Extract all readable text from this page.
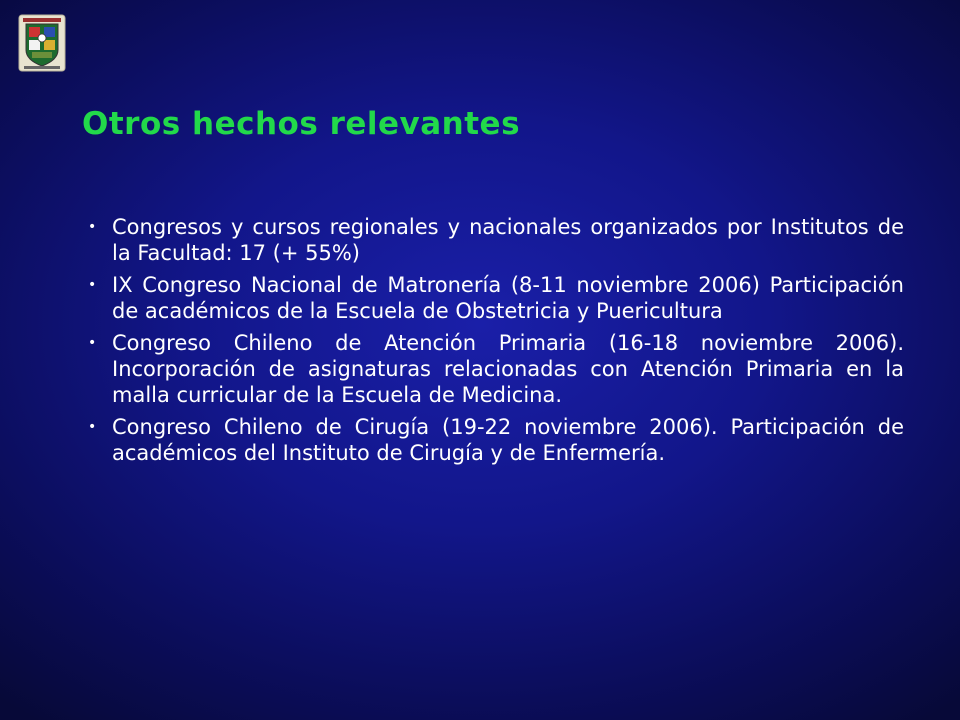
Otros hechos relevantes
• Congresos y cursos regionales y nacionales organizados por Institutos de la Facultad: 17 (+ 55%)
• IX Congreso Nacional de Matronería (8-11 noviembre 2006) Participación de académicos de la Escuela de Obstetricia y Puericultura
• Congreso Chileno de Atención Primaria (16-18 noviembre 2006). Incorporación de asignaturas relacionadas con Atención Primaria en la malla curricular de la Escuela de Medicina.
• Congreso Chileno de Cirugía (19-22 noviembre 2006). Participación de académicos del Instituto de Cirugía y de Enfermería.
